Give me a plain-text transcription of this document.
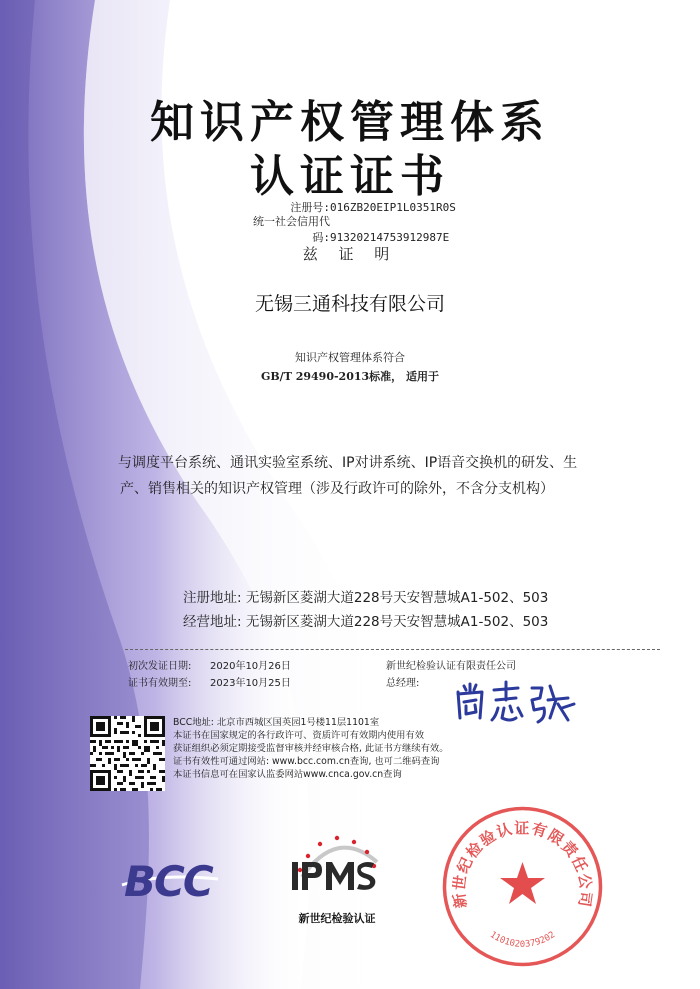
知识产权管理体系
认证证书
注册号:016ZB20EIP1L0351R0S
统一社会信用代码:91320214753912987E
兹 证 明
无锡三通科技有限公司
知识产权管理体系符合
GB/T 29490-2013标准， 适用于
与调度平台系统、通讯实验室系统、IP对讲系统、IP语音交换机的研发、生
产、销售相关的知识产权管理（涉及行政许可的除外，不含分支机构）
注册地址: 无锡新区菱湖大道228号天安智慧城A1-502、503
经营地址: 无锡新区菱湖大道228号天安智慧城A1-502、503
初次发证日期: 2020年10月26日
证书有效期至: 2023年10月25日
新世纪检验认证有限责任公司
总经理:
BCC地址: 北京市西城区国英园1号楼11层1101室
本证书在国家规定的各行政许可、资质许可有效期内使用有效
获证组织必须定期接受监督审核并经审核合格, 此证书方继续有效。
证书有效性可通过网站: www.bcc.com.cn查询, 也可二维码查询
本证书信息可在国家认监委网站www.cnca.gov.cn查询
BCC
新世纪检验认证
新世纪检验认证有限责任公司
1101020379202
